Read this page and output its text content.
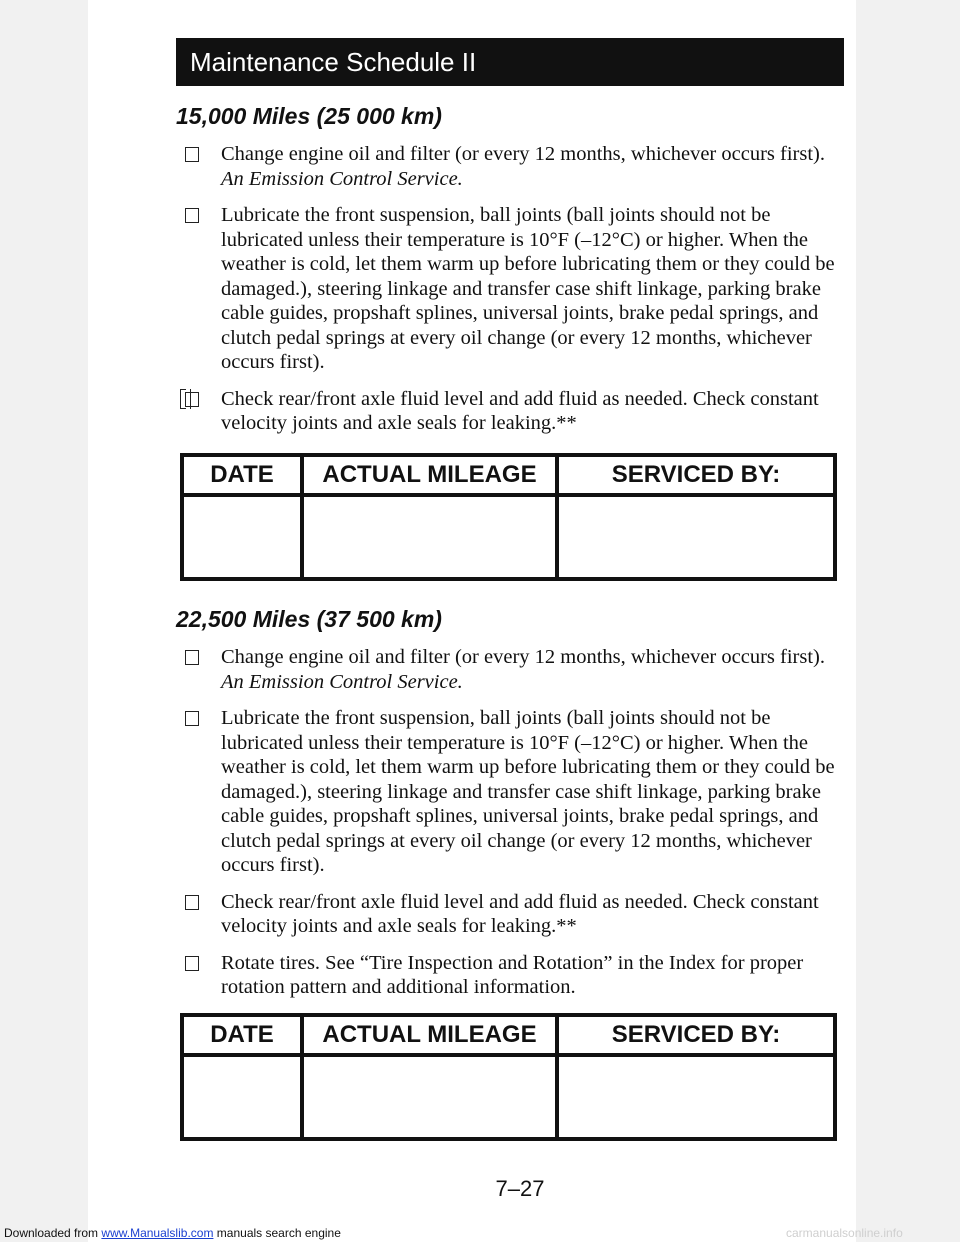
Maintenance Schedule II
15,000 Miles (25 000 km)
Change engine oil and filter (or every 12 months, whichever occurs first). An Emission Control Service.
Lubricate the front suspension, ball joints (ball joints should not be lubricated unless their temperature is 10°F (–12°C) or higher. When the weather is cold, let them warm up before lubricating them or they could be damaged.), steering linkage and transfer case shift linkage, parking brake cable guides, propshaft splines, universal joints, brake pedal springs, and clutch pedal springs at every oil change (or every 12 months, whichever occurs first).
Check rear/front axle fluid level and add fluid as needed. Check constant velocity joints and axle seals for leaking.**
DATE	ACTUAL MILEAGE	SERVICED BY:
22,500 Miles (37 500 km)
Change engine oil and filter (or every 12 months, whichever occurs first). An Emission Control Service.
Lubricate the front suspension, ball joints (ball joints should not be lubricated unless their temperature is 10°F (–12°C) or higher. When the weather is cold, let them warm up before lubricating them or they could be damaged.), steering linkage and transfer case shift linkage, parking brake cable guides, propshaft splines, universal joints, brake pedal springs, and clutch pedal springs at every oil change (or every 12 months, whichever occurs first).
Check rear/front axle fluid level and add fluid as needed. Check constant velocity joints and axle seals for leaking.**
Rotate tires. See “Tire Inspection and Rotation” in the Index for proper rotation pattern and additional information.
DATE	ACTUAL MILEAGE	SERVICED BY:
7–27
Downloaded from www.Manualslib.com manuals search engine	carmanualsonline.info
